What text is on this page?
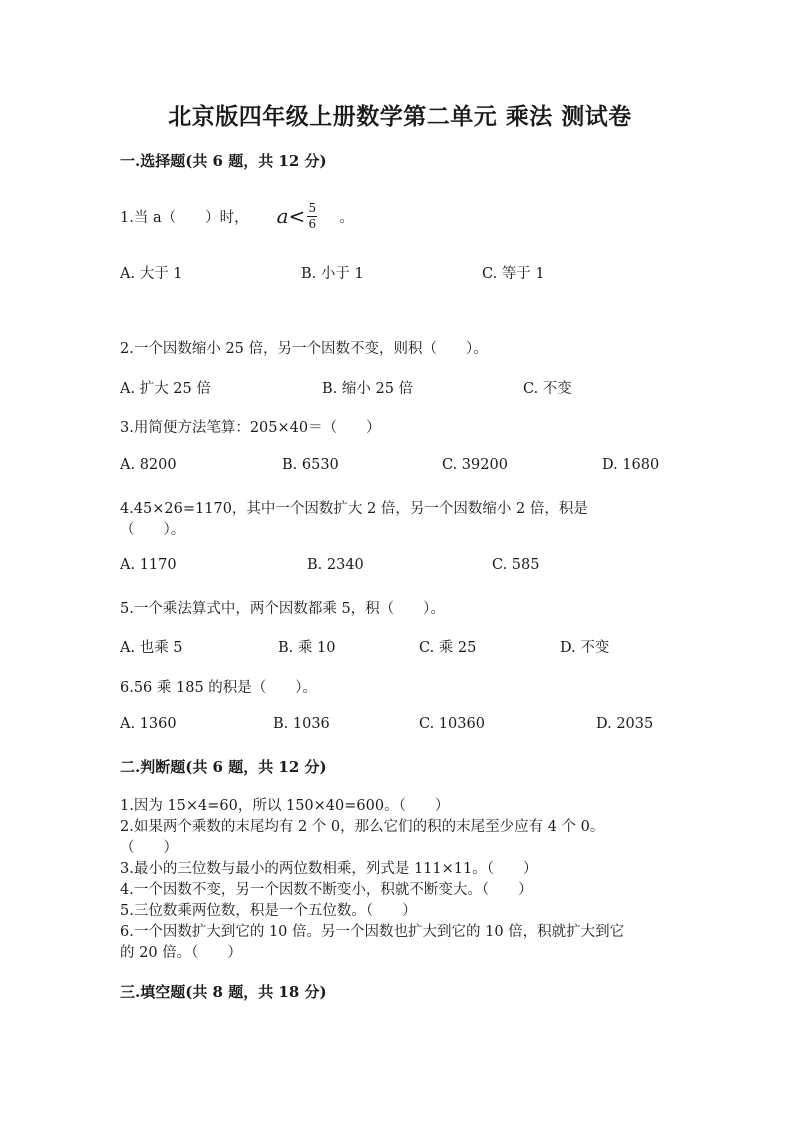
北京版四年级上册数学第二单元 乘法 测试卷
一.选择题(共 6 题，共 12 分)
1.当 a（　　）时， $a < \frac{5}{6}$ 。
A. 大于 1	B. 小于 1	C. 等于 1
2.一个因数缩小 25 倍，另一个因数不变，则积（　　）。
A. 扩大 25 倍	B. 缩小 25 倍	C. 不变
3.用简便方法笔算：205×40＝（　　）
A. 8200	B. 6530	C. 39200	D. 1680
4.45×26=1170，其中一个因数扩大 2 倍，另一个因数缩小 2 倍，积是
（　　）。
A. 1170	B. 2340	C. 585
5.一个乘法算式中，两个因数都乘 5，积（　　）。
A. 也乘 5	B. 乘 10	C. 乘 25	D. 不变
6.56 乘 185 的积是（　　）。
A. 1360	B. 1036	C. 10360	D. 2035
二.判断题(共 6 题，共 12 分)
1.因为 15×4=60，所以 150×40=600。（　　）
2.如果两个乘数的末尾均有 2 个 0，那么它们的积的末尾至少应有 4 个 0。
（　　）
3.最小的三位数与最小的两位数相乘，列式是 111×11。（　　）
4.一个因数不变，另一个因数不断变小，积就不断变大。（　　）
5.三位数乘两位数，积是一个五位数。（　　）
6.一个因数扩大到它的 10 倍。另一个因数也扩大到它的 10 倍，积就扩大到它
的 20 倍。（　　）
三.填空题(共 8 题，共 18 分)
